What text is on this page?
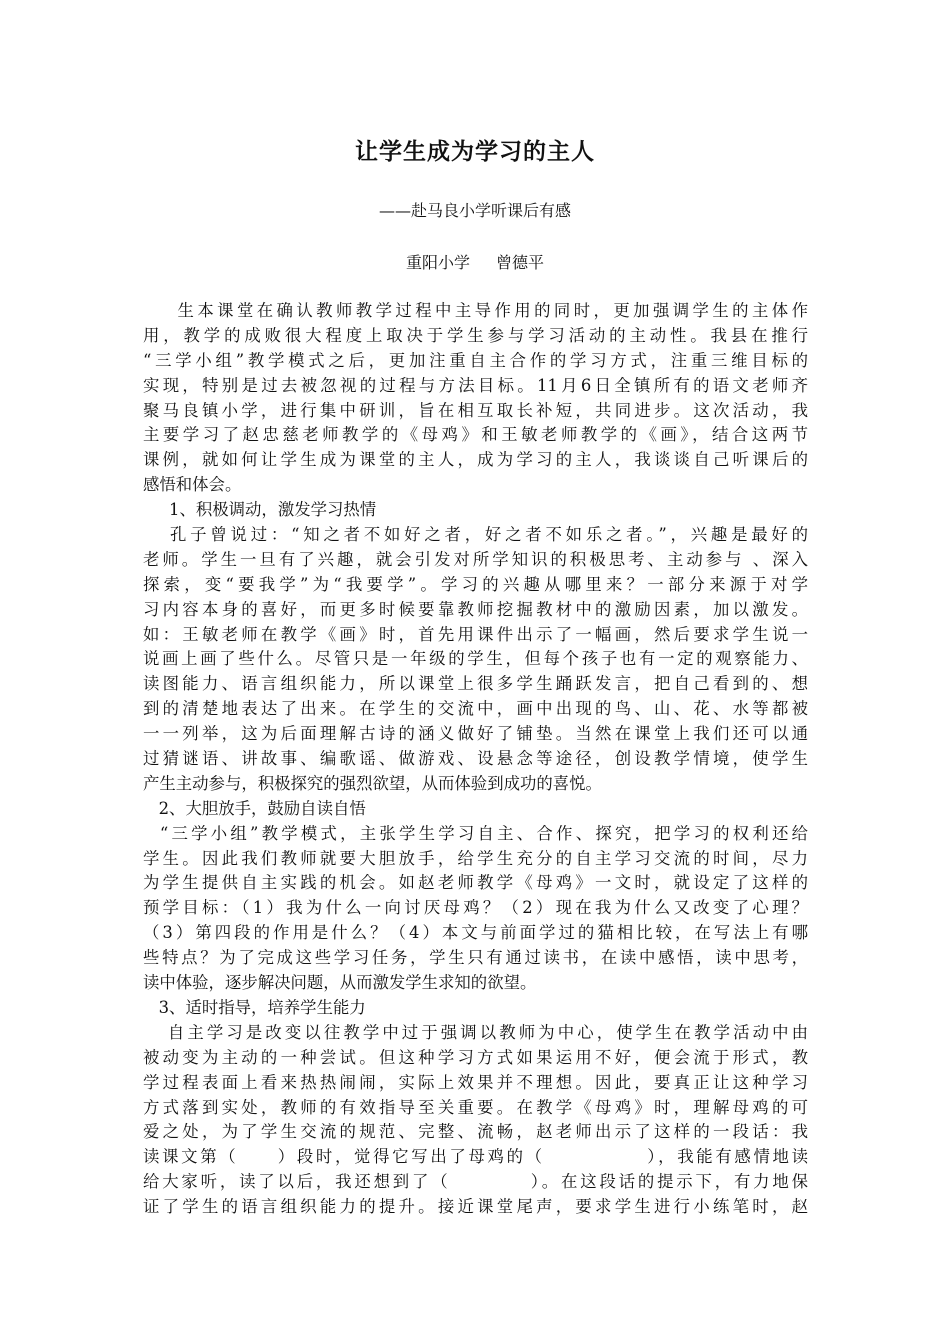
让学生成为学习的主人
——赴马良小学听课后有感
重阳小学 曾德平
生本课堂在确认教师教学过程中主导作用的同时，更加强调学生的主体作
用，教学的成败很大程度上取决于学生参与学习活动的主动性。我县在推行
“三学小组”教学模式之后，更加注重自主合作的学习方式，注重三维目标的
实现，特别是过去被忽视的过程与方法目标。11月6日全镇所有的语文老师齐
聚马良镇小学，进行集中研训，旨在相互取长补短，共同进步。这次活动，我
主要学习了赵忠慈老师教学的《母鸡》和王敏老师教学的《画》，结合这两节
课例，就如何让学生成为课堂的主人，成为学习的主人，我谈谈自己听课后的
感悟和体会。
1、积极调动，激发学习热情
孔子曾说过：“知之者不如好之者，好之者不如乐之者。”，兴趣是最好的
老师。学生一旦有了兴趣，就会引发对所学知识的积极思考、主动参与 、深入
探索，变“要我学”为“我要学”。学习的兴趣从哪里来？一部分来源于对学
习内容本身的喜好，而更多时候要靠教师挖掘教材中的激励因素，加以激发。
如：王敏老师在教学《画》时，首先用课件出示了一幅画，然后要求学生说一
说画上画了些什么。尽管只是一年级的学生，但每个孩子也有一定的观察能力、
读图能力、语言组织能力，所以课堂上很多学生踊跃发言，把自己看到的、想
到的清楚地表达了出来。在学生的交流中，画中出现的鸟、山、花、水等都被
一一列举，这为后面理解古诗的涵义做好了铺垫。当然在课堂上我们还可以通
过猜谜语、讲故事、编歌谣、做游戏、设悬念等途径，创设教学情境，使学生
产生主动参与，积极探究的强烈欲望，从而体验到成功的喜悦。
2、大胆放手，鼓励自读自悟
“三学小组”教学模式，主张学生学习自主、合作、探究，把学习的权利还给
学生。因此我们教师就要大胆放手，给学生充分的自主学习交流的时间，尽力
为学生提供自主实践的机会。如赵老师教学《母鸡》一文时，就设定了这样的
预学目标：（1）我为什么一向讨厌母鸡？（2）现在我为什么又改变了心理？
（3）第四段的作用是什么？（4）本文与前面学过的猫相比较，在写法上有哪
些特点？为了完成这些学习任务，学生只有通过读书，在读中感悟，读中思考，
读中体验，逐步解决问题，从而激发学生求知的欲望。
3、适时指导，培养学生能力
自主学习是改变以往教学中过于强调以教师为中心，使学生在教学活动中由
被动变为主动的一种尝试。但这种学习方式如果运用不好，便会流于形式，教
学过程表面上看来热热闹闹，实际上效果并不理想。因此，要真正让这种学习
方式落到实处，教师的有效指导至关重要。在教学《母鸡》时，理解母鸡的可
爱之处，为了学生交流的规范、完整、流畅，赵老师出示了这样的一段话：我
读课文第（     ）段时，觉得它写出了母鸡的（             ），我能有感情地读
给大家听，读了以后，我还想到了（          ）。在这段话的提示下，有力地保
证了学生的语言组织能力的提升。接近课堂尾声，要求学生进行小练笔时，赵
